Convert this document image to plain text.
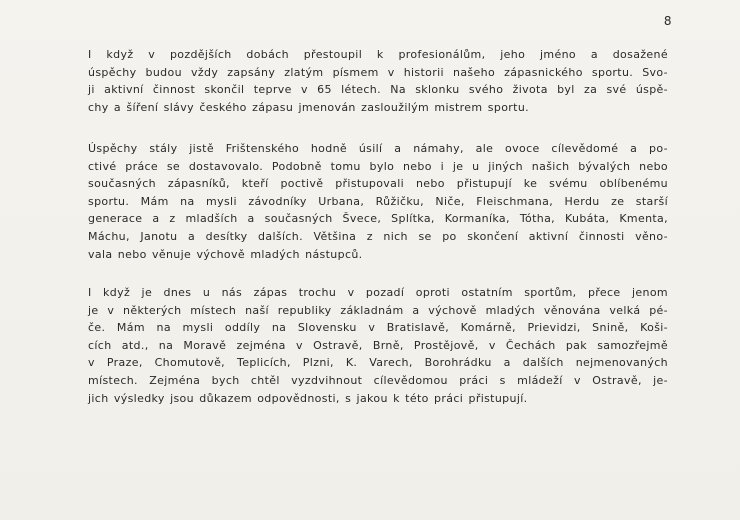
8
I když v pozdějších dobách přestoupil k profesionálům, jeho jméno a dosažené
úspěchy budou vždy zapsány zlatým písmem v historii našeho zápasnického sportu. Svo-
ji aktivní činnost skončil teprve v 65 létech. Na sklonku svého života byl za své úspě-
chy a šíření slávy českého zápasu jmenován zasloužilým mistrem sportu.
Úspěchy stály jistě Frištenského hodně úsilí a námahy, ale ovoce cílevědomé a po-
ctivé práce se dostavovalo. Podobně tomu bylo nebo i je u jiných našich bývalých nebo
současných zápasníků, kteří poctivě přistupovali nebo přistupují ke svému oblíbenému
sportu. Mám na mysli závodníky Urbana, Růžičku, Niče, Fleischmana, Herdu ze starší
generace a z mladších a současných Švece, Splítka, Kormaníka, Tótha, Kubáta, Kmenta,
Máchu, Janotu a desítky dalších. Většina z nich se po skončení aktivní činnosti věno-
vala nebo věnuje výchově mladých nástupců.
I když je dnes u nás zápas trochu v pozadí oproti ostatním sportům, přece jenom
je v některých místech naší republiky základnám a výchově mladých věnována velká pé-
če. Mám na mysli oddíly na Slovensku v Bratislavě, Komárně, Prievidzi, Snině, Koši-
cích atd., na Moravě zejména v Ostravě, Brně, Prostějově, v Čechách pak samozřejmě
v Praze, Chomutově, Teplicích, Plzni, K. Varech, Borohrádku a dalších nejmenovaných
místech. Zejména bych chtěl vyzdvihnout cílevědomou práci s mládeží v Ostravě, je-
jich výsledky jsou důkazem odpovědnosti, s jakou k této práci přistupují.
